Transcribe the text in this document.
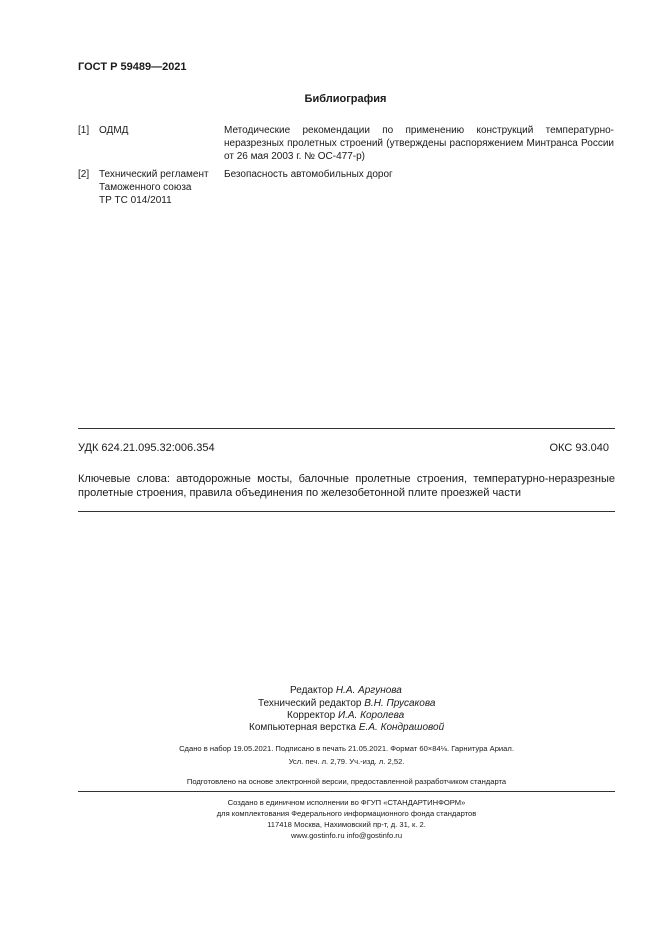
ГОСТ Р 59489—2021
Библиография
[1] ОДМД	Методические рекомендации по применению конструкций температурно-
неразрезных пролетных строений (утверждены распоряжением Минтранса России
от 26 мая 2003 г. № ОС-477-р)
[2] Технический регламент
Таможенного союза
ТР ТС 014/2011
Безопасность автомобильных дорог
УДК 624.21.095.32:006.354	ОКС 93.040
Ключевые слова: автодорожные мосты, балочные пролетные строения, температурно-неразрезные
пролетные строения, правила объединения по железобетонной плите проезжей части
Редактор Н.А. Аргунова
Технический редактор В.Н. Прусакова
Корректор И.А. Королева
Компьютерная верстка Е.А. Кондрашовой
Сдано в набор 19.05.2021. Подписано в печать 21.05.2021. Формат 60×84⅛. Гарнитура Ариал.
Усл. печ. л. 2,79. Уч.-изд. л. 2,52.
Подготовлено на основе электронной версии, предоставленной разработчиком стандарта
Создано в единичном исполнении во ФГУП «СТАНДАРТИНФОРМ»
для комплектования Федерального информационного фонда стандартов
117418 Москва, Нахимовский пр-т, д. 31, к. 2.
www.gostinfo.ru info@gostinfo.ru
